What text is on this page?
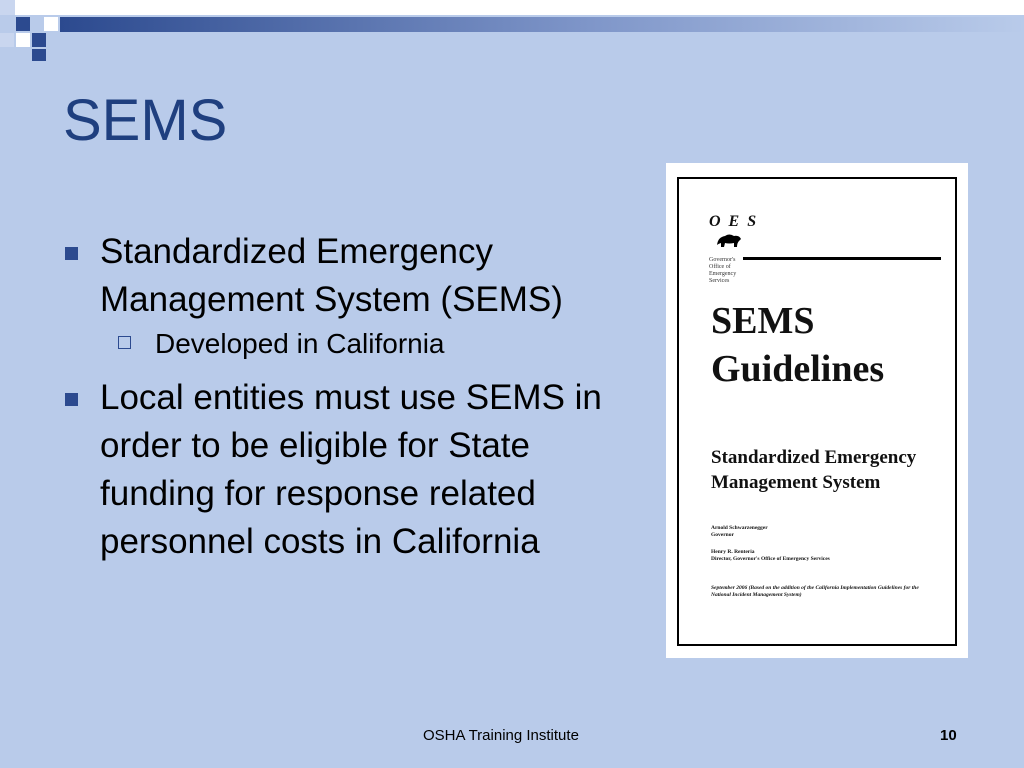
SEMS
Standardized Emergency Management System (SEMS)
Developed in California
Local entities must use SEMS in order to be eligible for State funding for response related personnel costs in California
O E S
Governor's Office of Emergency Services
SEMS
Guidelines
Standardized Emergency
Management System
Arnold Schwarzenegger
Governor
Henry R. Renteria
Director, Governor's Office of Emergency Services
September 2006 (Based on the addition of the California Implementation Guidelines for the National Incident Management System)
OSHA Training Institute	10
